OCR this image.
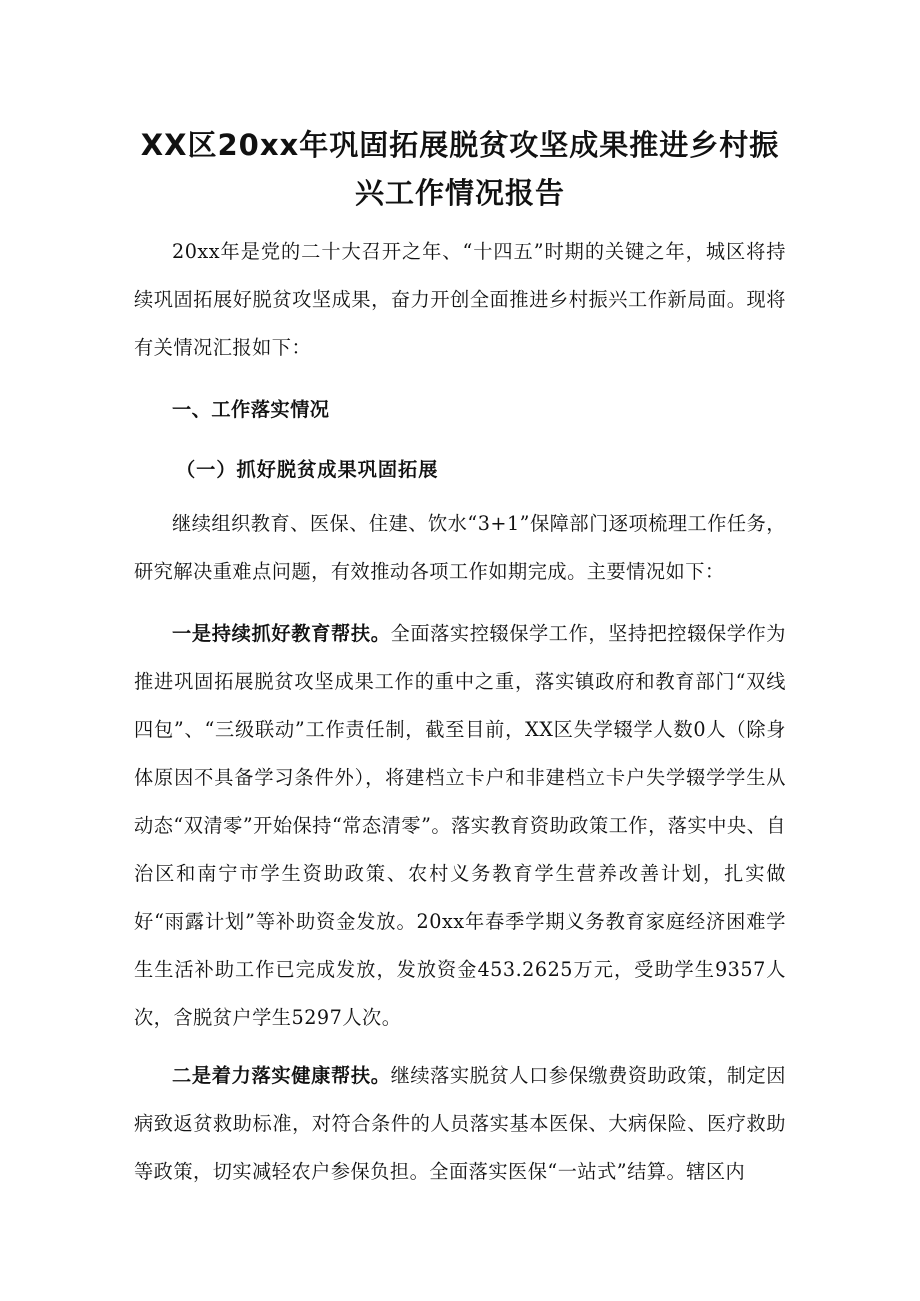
XX区20xx年巩固拓展脱贫攻坚成果推进乡村振
兴工作情况报告

20xx年是党的二十大召开之年、“十四五”时期的关键之年，城区将持续巩固拓展好脱贫攻坚成果，奋力开创全面推进乡村振兴工作新局面。现将有关情况汇报如下：

一、工作落实情况
（一）抓好脱贫成果巩固拓展

继续组织教育、医保、住建、饮水“3+1”保障部门逐项梳理工作任务，研究解决重难点问题，有效推动各项工作如期完成。主要情况如下：

一是持续抓好教育帮扶。全面落实控辍保学工作，坚持把控辍保学作为推进巩固拓展脱贫攻坚成果工作的重中之重，落实镇政府和教育部门“双线四包”、“三级联动”工作责任制，截至目前，XX区失学辍学人数0人（除身体原因不具备学习条件外），将建档立卡户和非建档立卡户失学辍学学生从动态“双清零”开始保持“常态清零”。落实教育资助政策工作，落实中央、自治区和南宁市学生资助政策、农村义务教育学生营养改善计划，扎实做好“雨露计划”等补助资金发放。20xx年春季学期义务教育家庭经济困难学生生活补助工作已完成发放，发放资金453.2625万元，受助学生9357人次，含脱贫户学生5297人次。

二是着力落实健康帮扶。继续落实脱贫人口参保缴费资助政策，制定因病致返贫救助标准，对符合条件的人员落实基本医保、大病保险、医疗救助等政策，切实减轻农户参保负担。全面落实医保“一站式”结算。辖区内
